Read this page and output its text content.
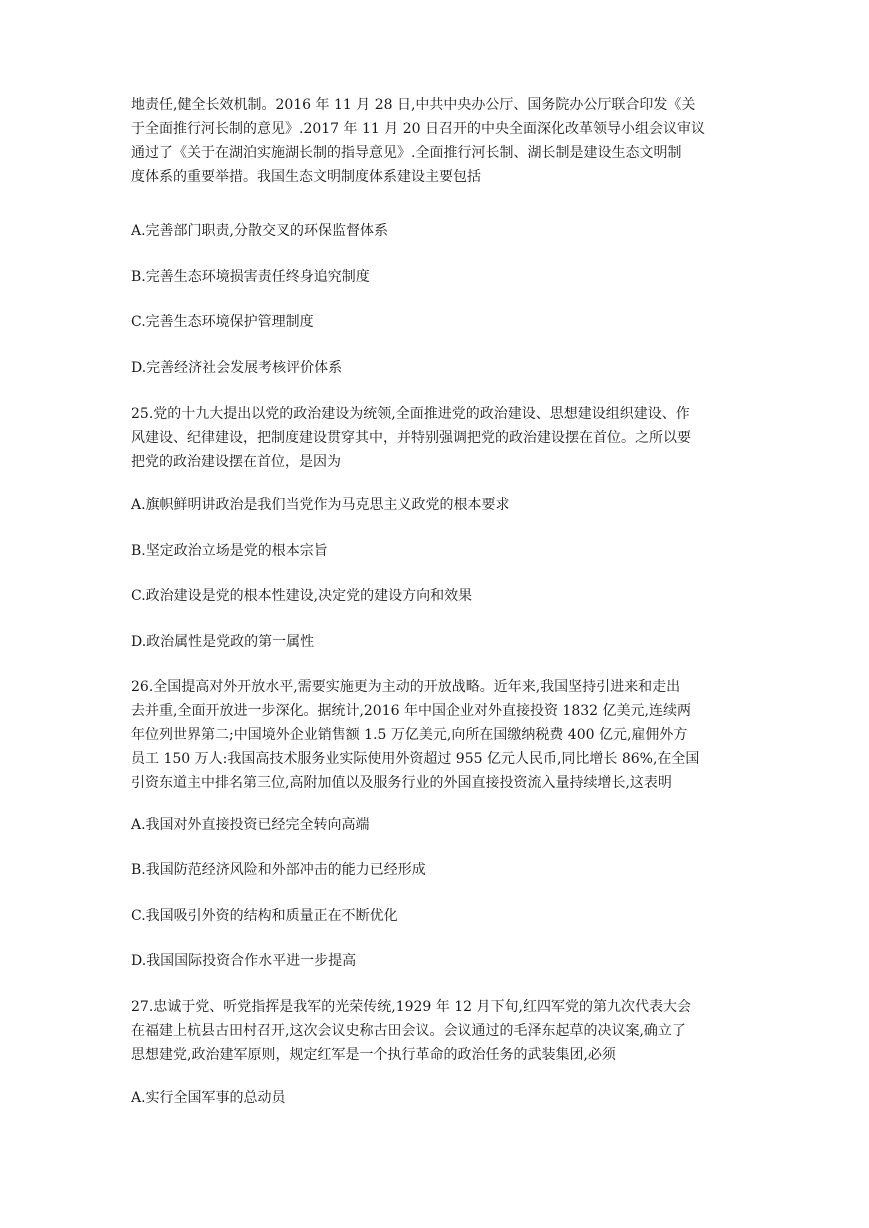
地责任,健全长效机制。2016 年 11 月 28 日,中共中央办公厅、国务院办公厅联合印发《关
于全面推行河长制的意见》.2017 年 11 月 20 日召开的中央全面深化改革领导小组会议审议
通过了《关于在湖泊实施湖长制的指导意见》.全面推行河长制、湖长制是建设生态文明制
度体系的重要举措。我国生态文明制度体系建设主要包括
A.完善部门职责,分散交叉的环保监督体系
B.完善生态环境损害责任终身追究制度
C.完善生态环境保护管理制度
D.完善经济社会发展考核评价体系
25.党的十九大提出以党的政治建设为统领,全面推进党的政治建设、思想建设组织建设、作
风建设、纪律建设，把制度建设贯穿其中，并特别强调把党的政治建设摆在首位。之所以要
把党的政治建设摆在首位，是因为
A.旗帜鲜明讲政治是我们当党作为马克思主义政党的根本要求
B.坚定政治立场是党的根本宗旨
C.政治建设是党的根本性建设,决定党的建设方向和效果
D.政治属性是党政的第一属性
26.全国提高对外开放水平,需要实施更为主动的开放战略。近年来,我国坚持引进来和走出
去并重,全面开放进一步深化。据统计,2016 年中国企业对外直接投资 1832 亿美元,连续两
年位列世界第二;中国境外企业销售额 1.5 万亿美元,向所在国缴纳税费 400 亿元,雇佣外方
员工 150 万人:我国高技术服务业实际使用外资超过 955 亿元人民币,同比增长 86%,在全国
引资东道主中排名第三位,高附加值以及服务行业的外国直接投资流入量持续增长,这表明
A.我国对外直接投资已经完全转向高端
B.我国防范经济风险和外部冲击的能力已经形成
C.我国吸引外资的结构和质量正在不断优化
D.我国国际投资合作水平进一步提高
27.忠诚于党、听党指挥是我军的光荣传统,1929 年 12 月下旬,红四军党的第九次代表大会
在福建上杭县古田村召开,这次会议史称古田会议。会议通过的毛泽东起草的决议案,确立了
思想建党,政治建军原则，规定红军是一个执行革命的政治任务的武装集团,必须
A.实行全国军事的总动员
